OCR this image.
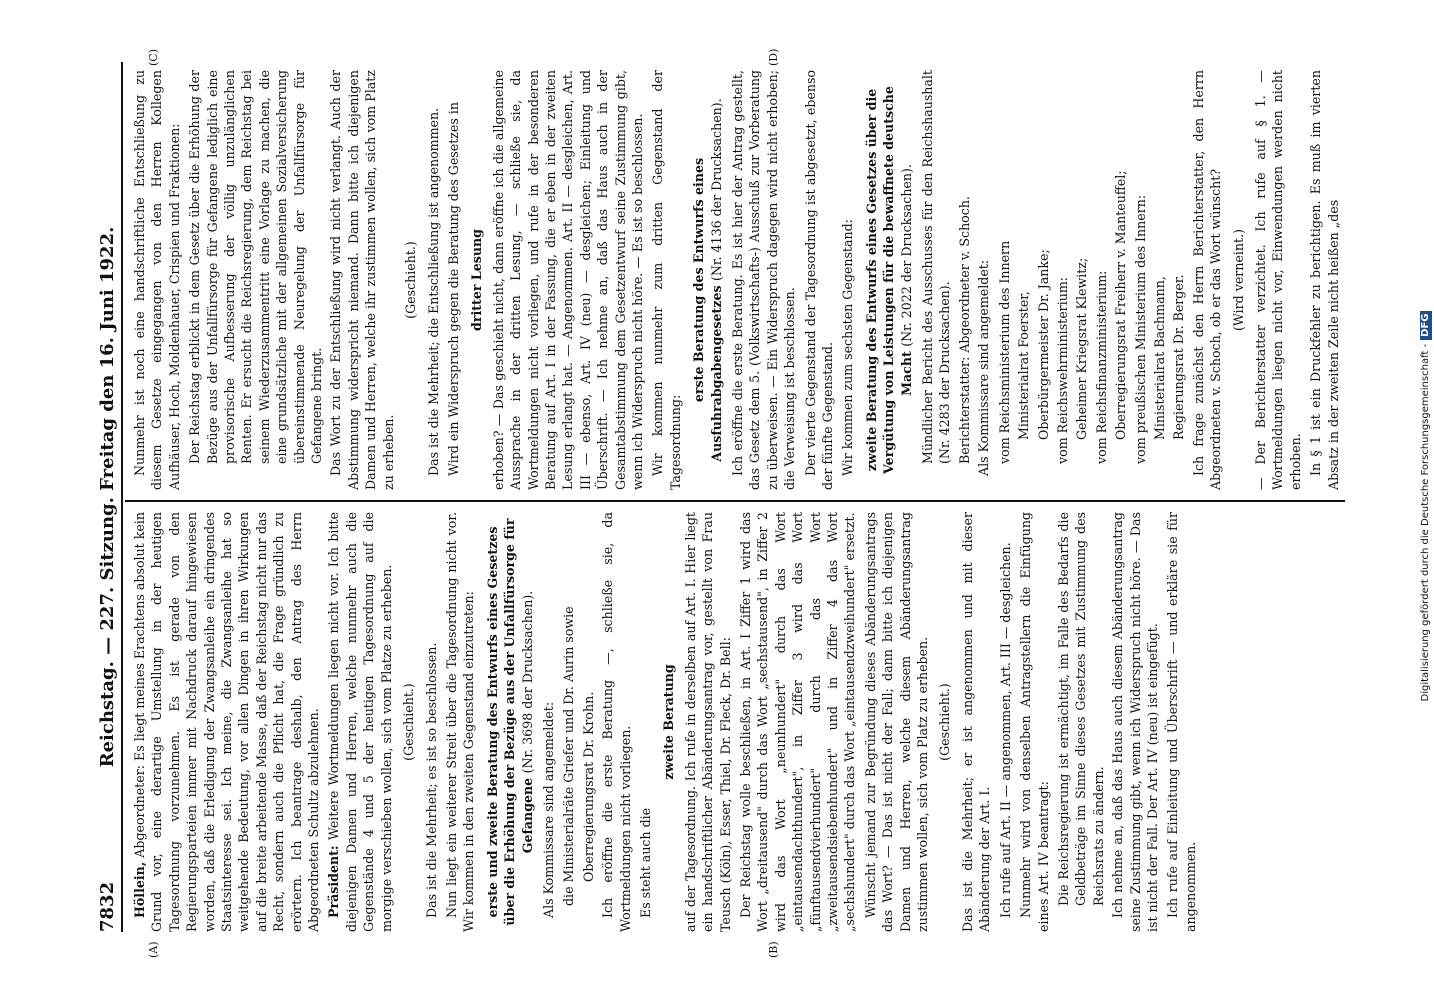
7832
Reichstag. — 227. Sitzung. Freitag den 16. Juni 1922.
(A)	(B)
(C)	(D)

Höllein, Abgeordneter: Es liegt meines Erachtens absolut kein Grund vor, eine derartige Umstellung in der heutigen Tagesordnung vorzunehmen. Es ist gerade von den Regierungsparteien immer mit Nachdruck darauf hingewiesen worden, daß die Erledigung der Zwangsanleihe ein dringendes Staatsinteresse sei. Ich meine, die Zwangsanleihe hat so weitgehende Bedeutung, vor allen Dingen in ihren Wirkungen auf die breite arbeitende Masse, daß der Reichstag nicht nur das Recht, sondern auch die Pflicht hat, die Frage gründlich zu erörtern. Ich beantrage deshalb, den Antrag des Herrn Abgeordneten Schultz abzulehnen. Präsident: Weitere Wortmeldungen liegen nicht vor. Ich bitte diejenigen Damen und Herren, welche nunmehr auch die Gegenstände 4 und 5 der heutigen Tagesordnung auf die morgige verschieben wollen, sich vom Platze zu erheben. (Geschieht.) Das ist die Mehrheit; es ist so beschlossen. Nun liegt ein weiterer Streit über die Tagesordnung nicht vor. Wir kommen in den zweiten Gegenstand einzutreten: erste und zweite Beratung des Entwurfs eines Gesetzes über die Erhöhung der Bezüge aus der Unfallfürsorge für Gefangene (Nr. 3698 der Drucksachen).

Als Kommissare sind angemeldet: die Ministerialräte Griefer und Dr. Aurin sowie Oberregierungsrat Dr. Krohn. Ich eröffne die erste Beratung —, schließe sie, da Wortmeldungen nicht vorliegen. Es steht auch die

zweite Beratung auf der Tagesordnung. Ich rufe in derselben auf Art. I. Hier liegt ein handschriftlicher Abänderungsantrag vor, gestellt von Frau Teusch (Köln), Esser, Thiel, Dr. Fleck, Dr. Bell: Der Reichstag wolle beschließen, in Art. I Ziffer 1 wird das Wort „dreitausend" durch das Wort „sechstausend", in Ziffer 2 wird das Wort „neunhundert" durch das Wort „eintausendachthundert", in Ziffer 3 wird das Wort „fünftausendvierhundert" durch das Wort „zweitausendsiebenhundert" und in Ziffer 4 das Wort „sechshundert" durch das Wort „eintausendzweihundert" ersetzt. Wünscht jemand zur Begründung dieses Abänderungsantrags das Wort? — Das ist nicht der Fall; dann bitte ich diejenigen Damen und Herren, welche diesem Abänderungsantrag zustimmen wollen, sich vom Platz zu erheben. (Geschieht.) Das ist die Mehrheit; er ist angenommen und mit dieser Abänderung der Art. I. Ich rufe auf Art. II — angenommen, Art. III — desgleichen. Nunmehr wird von denselben Antragstellern die Einfügung eines Art. IV beantragt: Die Reichsregierung ist ermächtigt, im Falle des Bedarfs die Geldbeträge im Sinne dieses Gesetzes mit Zustimmung des Reichsrats zu ändern. Ich nehme an, daß das Haus auch diesem Abänderungsantrag seine Zustimmung gibt, wenn ich Widerspruch nicht höre. — Das ist nicht der Fall. Der Art. IV (neu) ist eingefügt. Ich rufe auf Einleitung und Überschrift — und erkläre sie für angenommen.

Nunmehr ist noch eine handschriftliche Entschließung zu diesem Gesetze eingegangen von den Herren Kollegen Aufhäuser, Hoch, Moldenhauer, Crispien und Fraktionen: Der Reichstag erblickt in dem Gesetz über die Erhöhung der Bezüge aus der Unfallfürsorge für Gefangene lediglich eine provisorische Aufbesserung der völlig unzulänglichen Renten. Er ersucht die Reichsregierung, dem Reichstag bei seinem Wiederzusammentritt eine Vorlage zu machen, die eine grundsätzliche mit der allgemeinen Sozialversicherung übereinstimmende Neuregelung der Unfallfürsorge für Gefangene bringt. Das Wort zu der Entschließung wird nicht verlangt. Auch der Abstimmung widerspricht niemand. Dann bitte ich diejenigen Damen und Herren, welche ihr zustimmen wollen, sich vom Platz zu erheben.

(Geschieht.) Das ist die Mehrheit; die Entschließung ist angenommen. Wird ein Widerspruch gegen die Beratung des Gesetzes in dritter Lesung erhoben? — Das geschieht nicht, dann eröffne ich die allgemeine Aussprache in der dritten Lesung, — schließe sie, da Wortmeldungen nicht vorliegen, und rufe in der besonderen Beratung auf Art. I in der Fassung, die er eben in der zweiten Lesung erlangt hat. — Angenommen. Art. II — desgleichen, Art. III — ebenso, Art. IV (neu) — desgleichen; Einleitung und Überschrift. — Ich nehme an, daß das Haus auch in der Gesamtabstimmung dem Gesetzentwurf seine Zustimmung gibt, wenn ich Widerspruch nicht höre. — Es ist so beschlossen. Wir kommen nunmehr zum dritten Gegenstand der Tagesordnung:

erste Beratung des Entwurfs eines Ausfuhrabgabengesetzes (Nr. 4136 der Drucksachen). Ich eröffne die erste Beratung. Es ist hier der Antrag gestellt, das Gesetz dem 5. (Volkswirtschafts-) Ausschuß zur Vorberatung zu überweisen. — Ein Widerspruch dagegen wird nicht erhoben; die Verweisung ist beschlossen. Der vierte Gegenstand der Tagesordnung ist abgesetzt, ebenso der fünfte Gegenstand. Wir kommen zum sechsten Gegenstand: zweite Beratung des Entwurfs eines Gesetzes über die Vergütung von Leistungen für die bewaffnete deutsche Macht (Nr. 2022 der Drucksachen). Mündlicher Bericht des Ausschusses für den Reichshaushalt (Nr. 4283 der Drucksachen). Berichterstatter: Abgeordneter v. Schoch. Als Kommissare sind angemeldet: vom Reichsministerium des Innern Ministerialrat Foerster, Oberbürgermeister Dr. Janke; vom Reichswehrministerium: Geheimer Kriegsrat Klewitz; vom Reichsfinanzministerium: Oberregierungsrat Freiherr v. Manteuffel; vom preußischen Ministerium des Innern: Ministerialrat Bachmann, Regierungsrat Dr. Berger. Ich frage zunächst den Herrn Berichterstatter, den Herrn Abgeordneten v. Schoch, ob er das Wort wünscht? (Wird verneint.) — Der Berichterstatter verzichtet. Ich rufe auf § 1. — Wortmeldungen liegen nicht vor, Einwendungen werden nicht erhoben. In § 1 ist ein Druckfehler zu berichtigen. Es muß im vierten Absatz in der zweiten Zeile nicht heißen „des	Digitalisierung gefördert durch die Deutsche Forschungsgemeinschaft -DFG
